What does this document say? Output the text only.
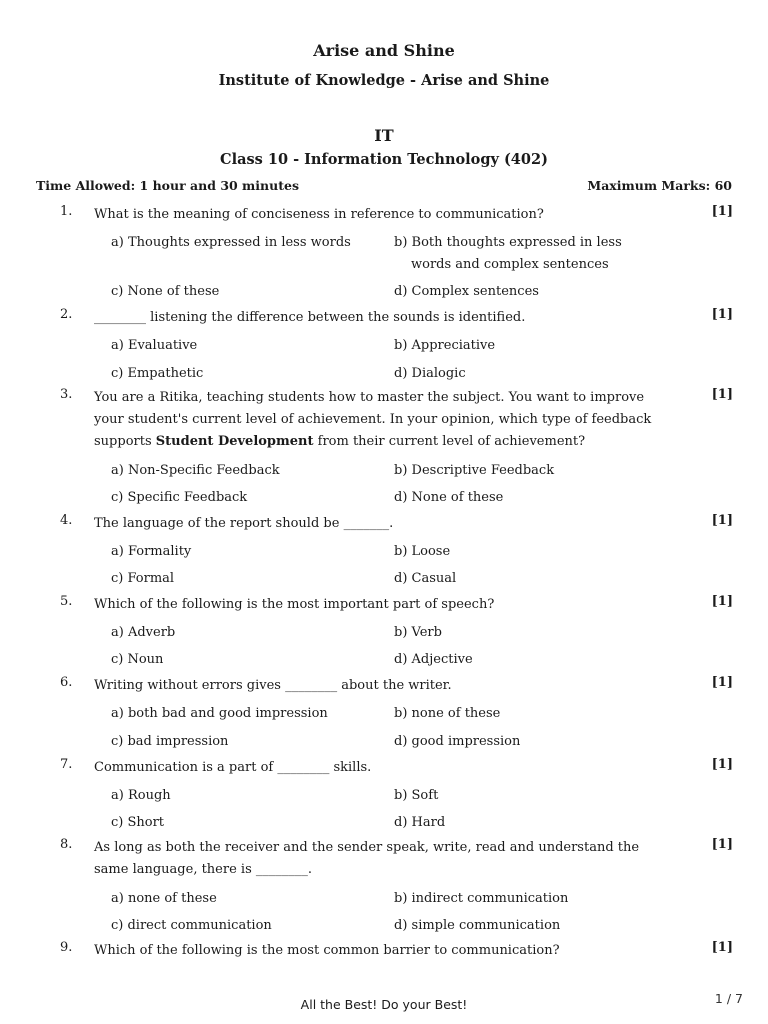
Arise and Shine
Institute of Knowledge - Arise and Shine
IT
Class 10 - Information Technology (402)
Time Allowed: 1 hour and 30 minutes	Maximum Marks: 60
1.	What is the meaning of conciseness in reference to communication?	[1]
a) Thoughts expressed in less words	b) Both thoughts expressed in less words and complex sentences
c) None of these	d) Complex sentences
2.	________ listening the difference between the sounds is identified.	[1]
a) Evaluative	b) Appreciative
c) Empathetic	d) Dialogic
3.	You are a Ritika, teaching students how to master the subject. You want to improve your student's current level of achievement. In your opinion, which type of feedback supports Student Development from their current level of achievement?
[1]
a) Non-Specific Feedback	b) Descriptive Feedback
c) Specific Feedback	d) None of these
4.	The language of the report should be _______.	[1]
a) Formality	b) Loose
c) Formal	d) Casual
5.	Which of the following is the most important part of speech?	[1]
a) Adverb	b) Verb
c) Noun	d) Adjective
6.	Writing without errors gives ________ about the writer.	[1]
a) both bad and good impression	b) none of these
c) bad impression	d) good impression
7.	Communication is a part of ________ skills.	[1]
a) Rough	b) Soft
c) Short	d) Hard
8.	As long as both the receiver and the sender speak, write, read and understand the same language, there is ________.
[1]
a) none of these	b) indirect communication
c) direct communication	d) simple communication
9.	Which of the following is the most common barrier to communication?	[1]
All the Best! Do your Best!	1 / 7
